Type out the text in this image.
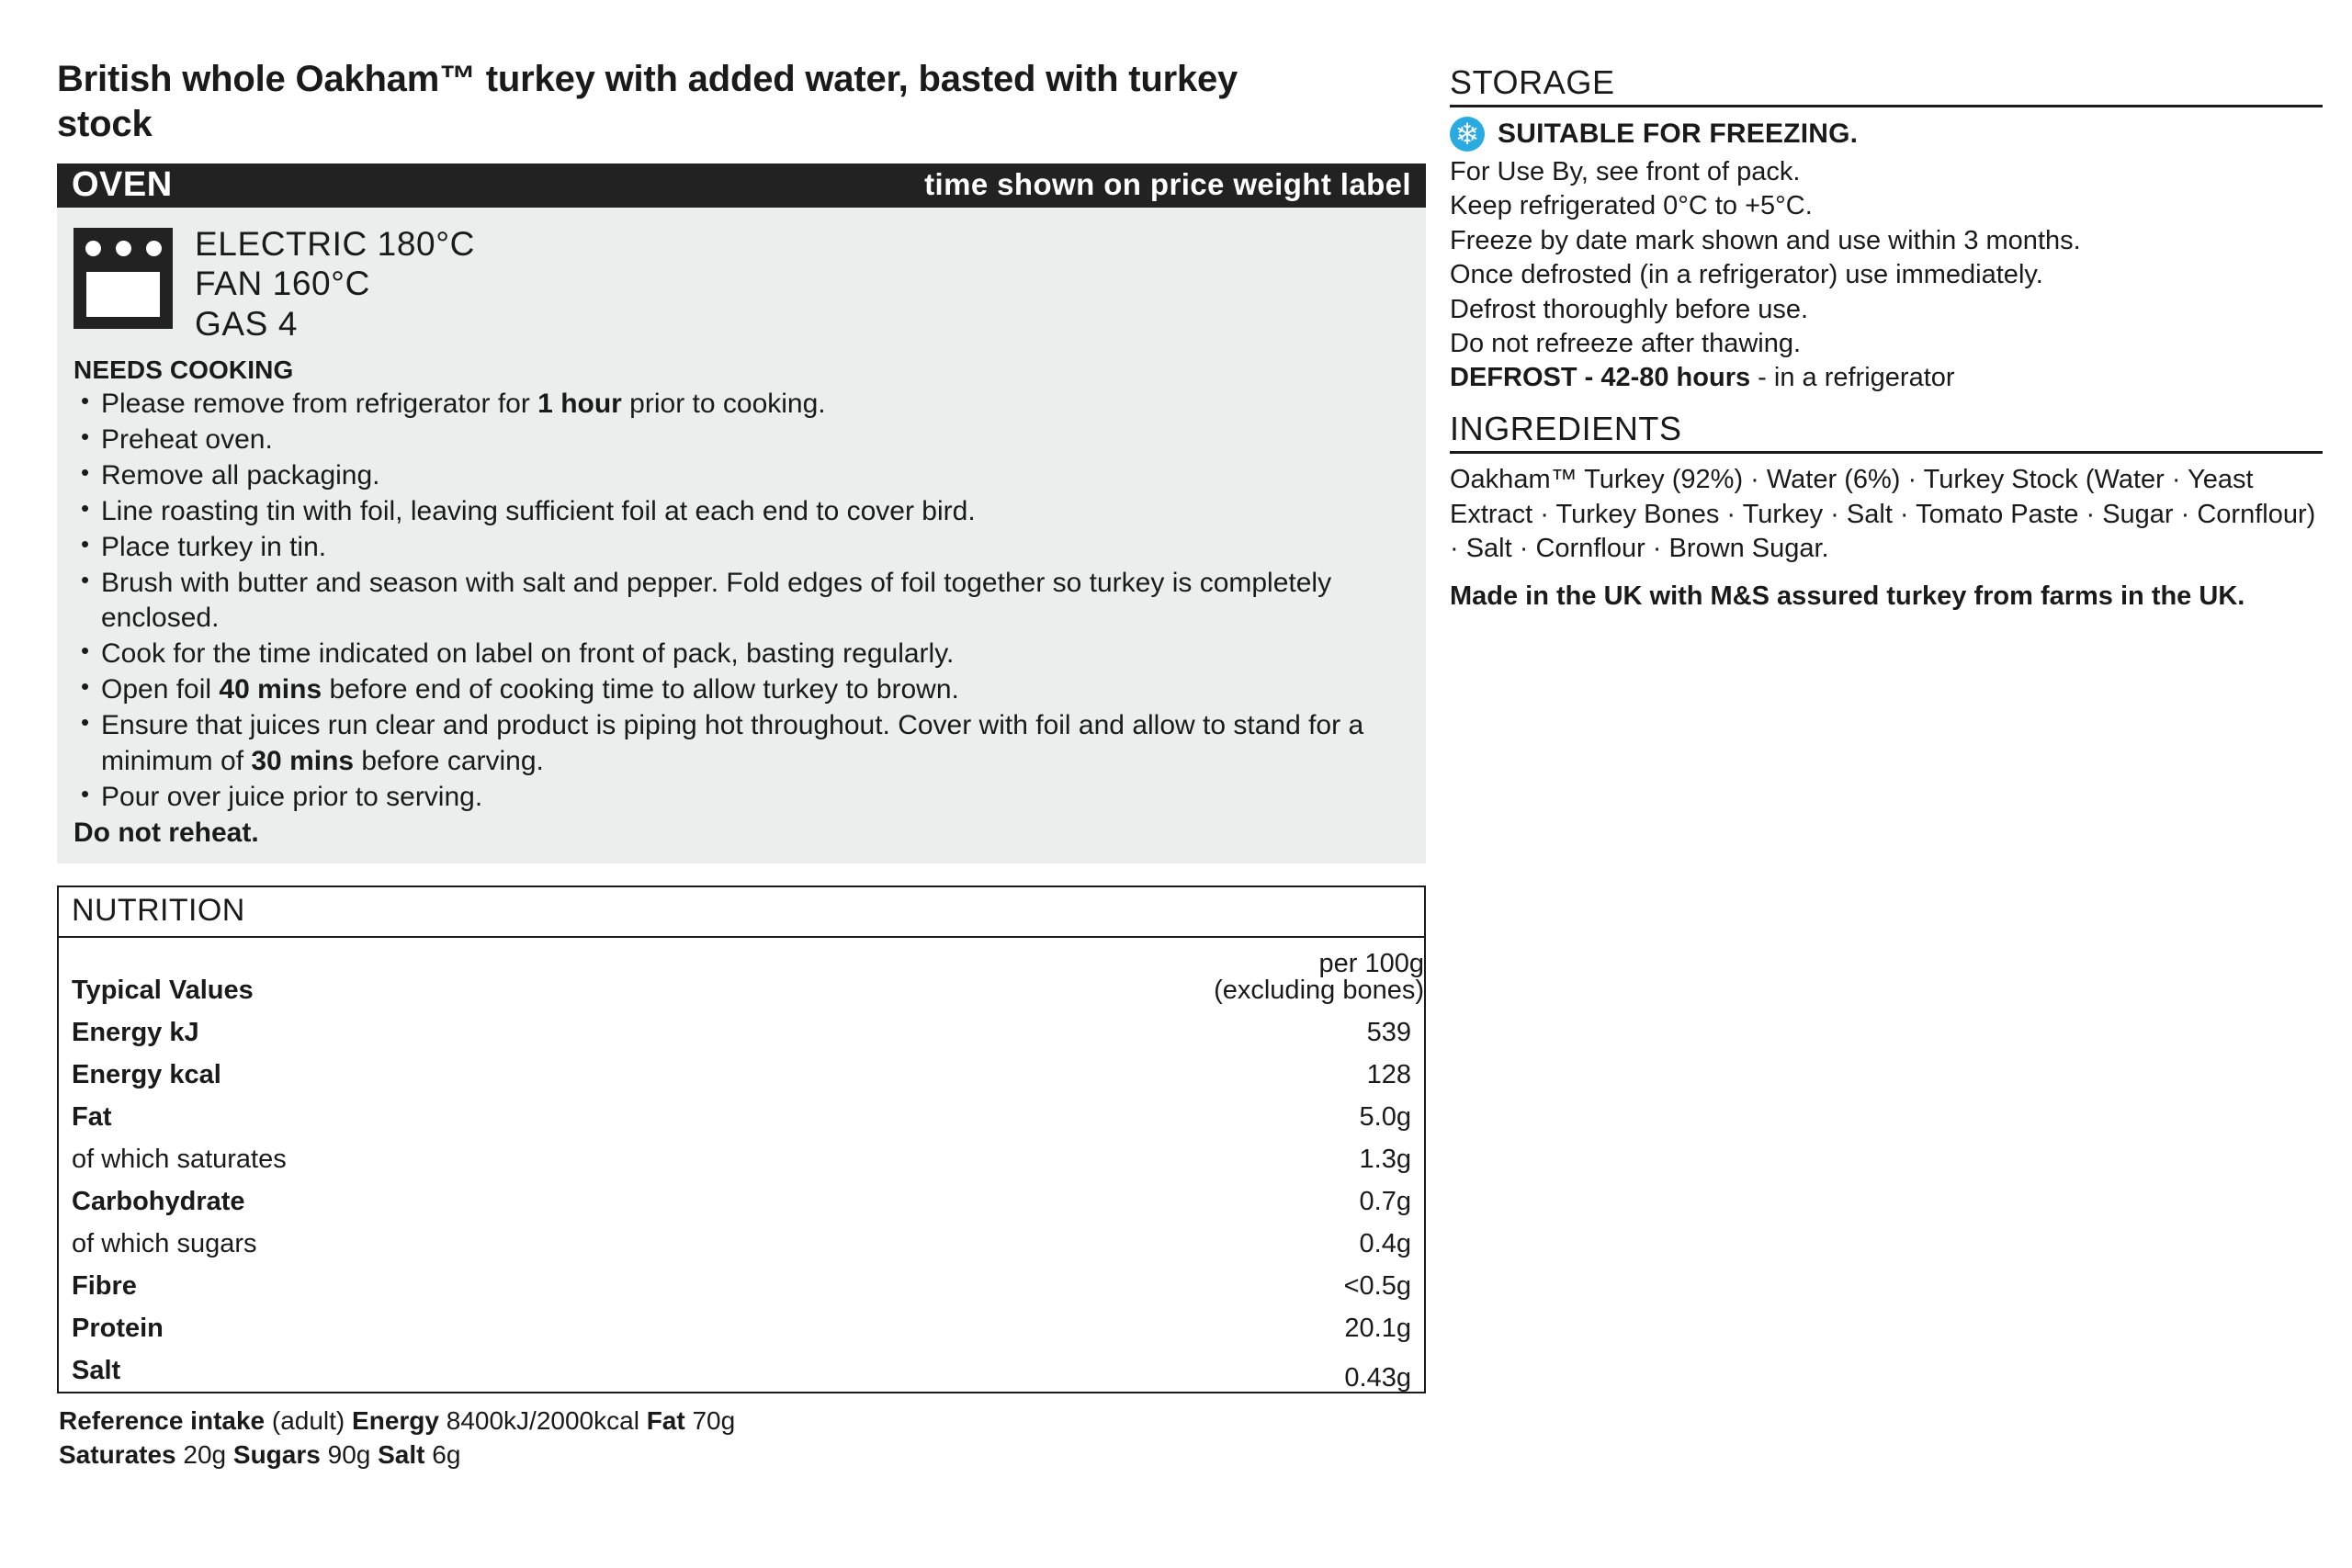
British whole Oakham™ turkey with added water, basted with turkey stock
OVEN	time shown on price weight label
ELECTRIC 180°C
FAN 160°C
GAS 4
NEEDS COOKING
• Please remove from refrigerator for 1 hour prior to cooking.
• Preheat oven.
• Remove all packaging.
• Line roasting tin with foil, leaving sufficient foil at each end to cover bird.
• Place turkey in tin.
• Brush with butter and season with salt and pepper. Fold edges of foil together so turkey is completely enclosed.
• Cook for the time indicated on label on front of pack, basting regularly.
• Open foil 40 mins before end of cooking time to allow turkey to brown.
• Ensure that juices run clear and product is piping hot throughout. Cover with foil and allow to stand for a minimum of 30 mins before carving.
• Pour over juice prior to serving.
Do not reheat.
NUTRITION
Typical Values	per 100g
(excluding bones)

Energy kJ	539
Energy kcal	128
Fat	5.0g
of which saturates	1.3g
Carbohydrate	0.7g
of which sugars	0.4g
Fibre	<0.5g
Protein	20.1g
Salt	0.43g
Reference intake (adult) Energy 8400kJ/2000kcal Fat 70g
Saturates 20g Sugars 90g Salt 6g
STORAGE
❄ SUITABLE FOR FREEZING.
For Use By, see front of pack.
Keep refrigerated 0°C to +5°C.
Freeze by date mark shown and use within 3 months.
Once defrosted (in a refrigerator) use immediately.
Defrost thoroughly before use.
Do not refreeze after thawing.
DEFROST - 42-80 hours - in a refrigerator
INGREDIENTS
Oakham™ Turkey (92%) · Water (6%) · Turkey Stock (Water · Yeast Extract · Turkey Bones · Turkey · Salt · Tomato Paste · Sugar · Cornflour) · Salt · Cornflour · Brown Sugar.
Made in the UK with M&S assured turkey from farms in the UK.
